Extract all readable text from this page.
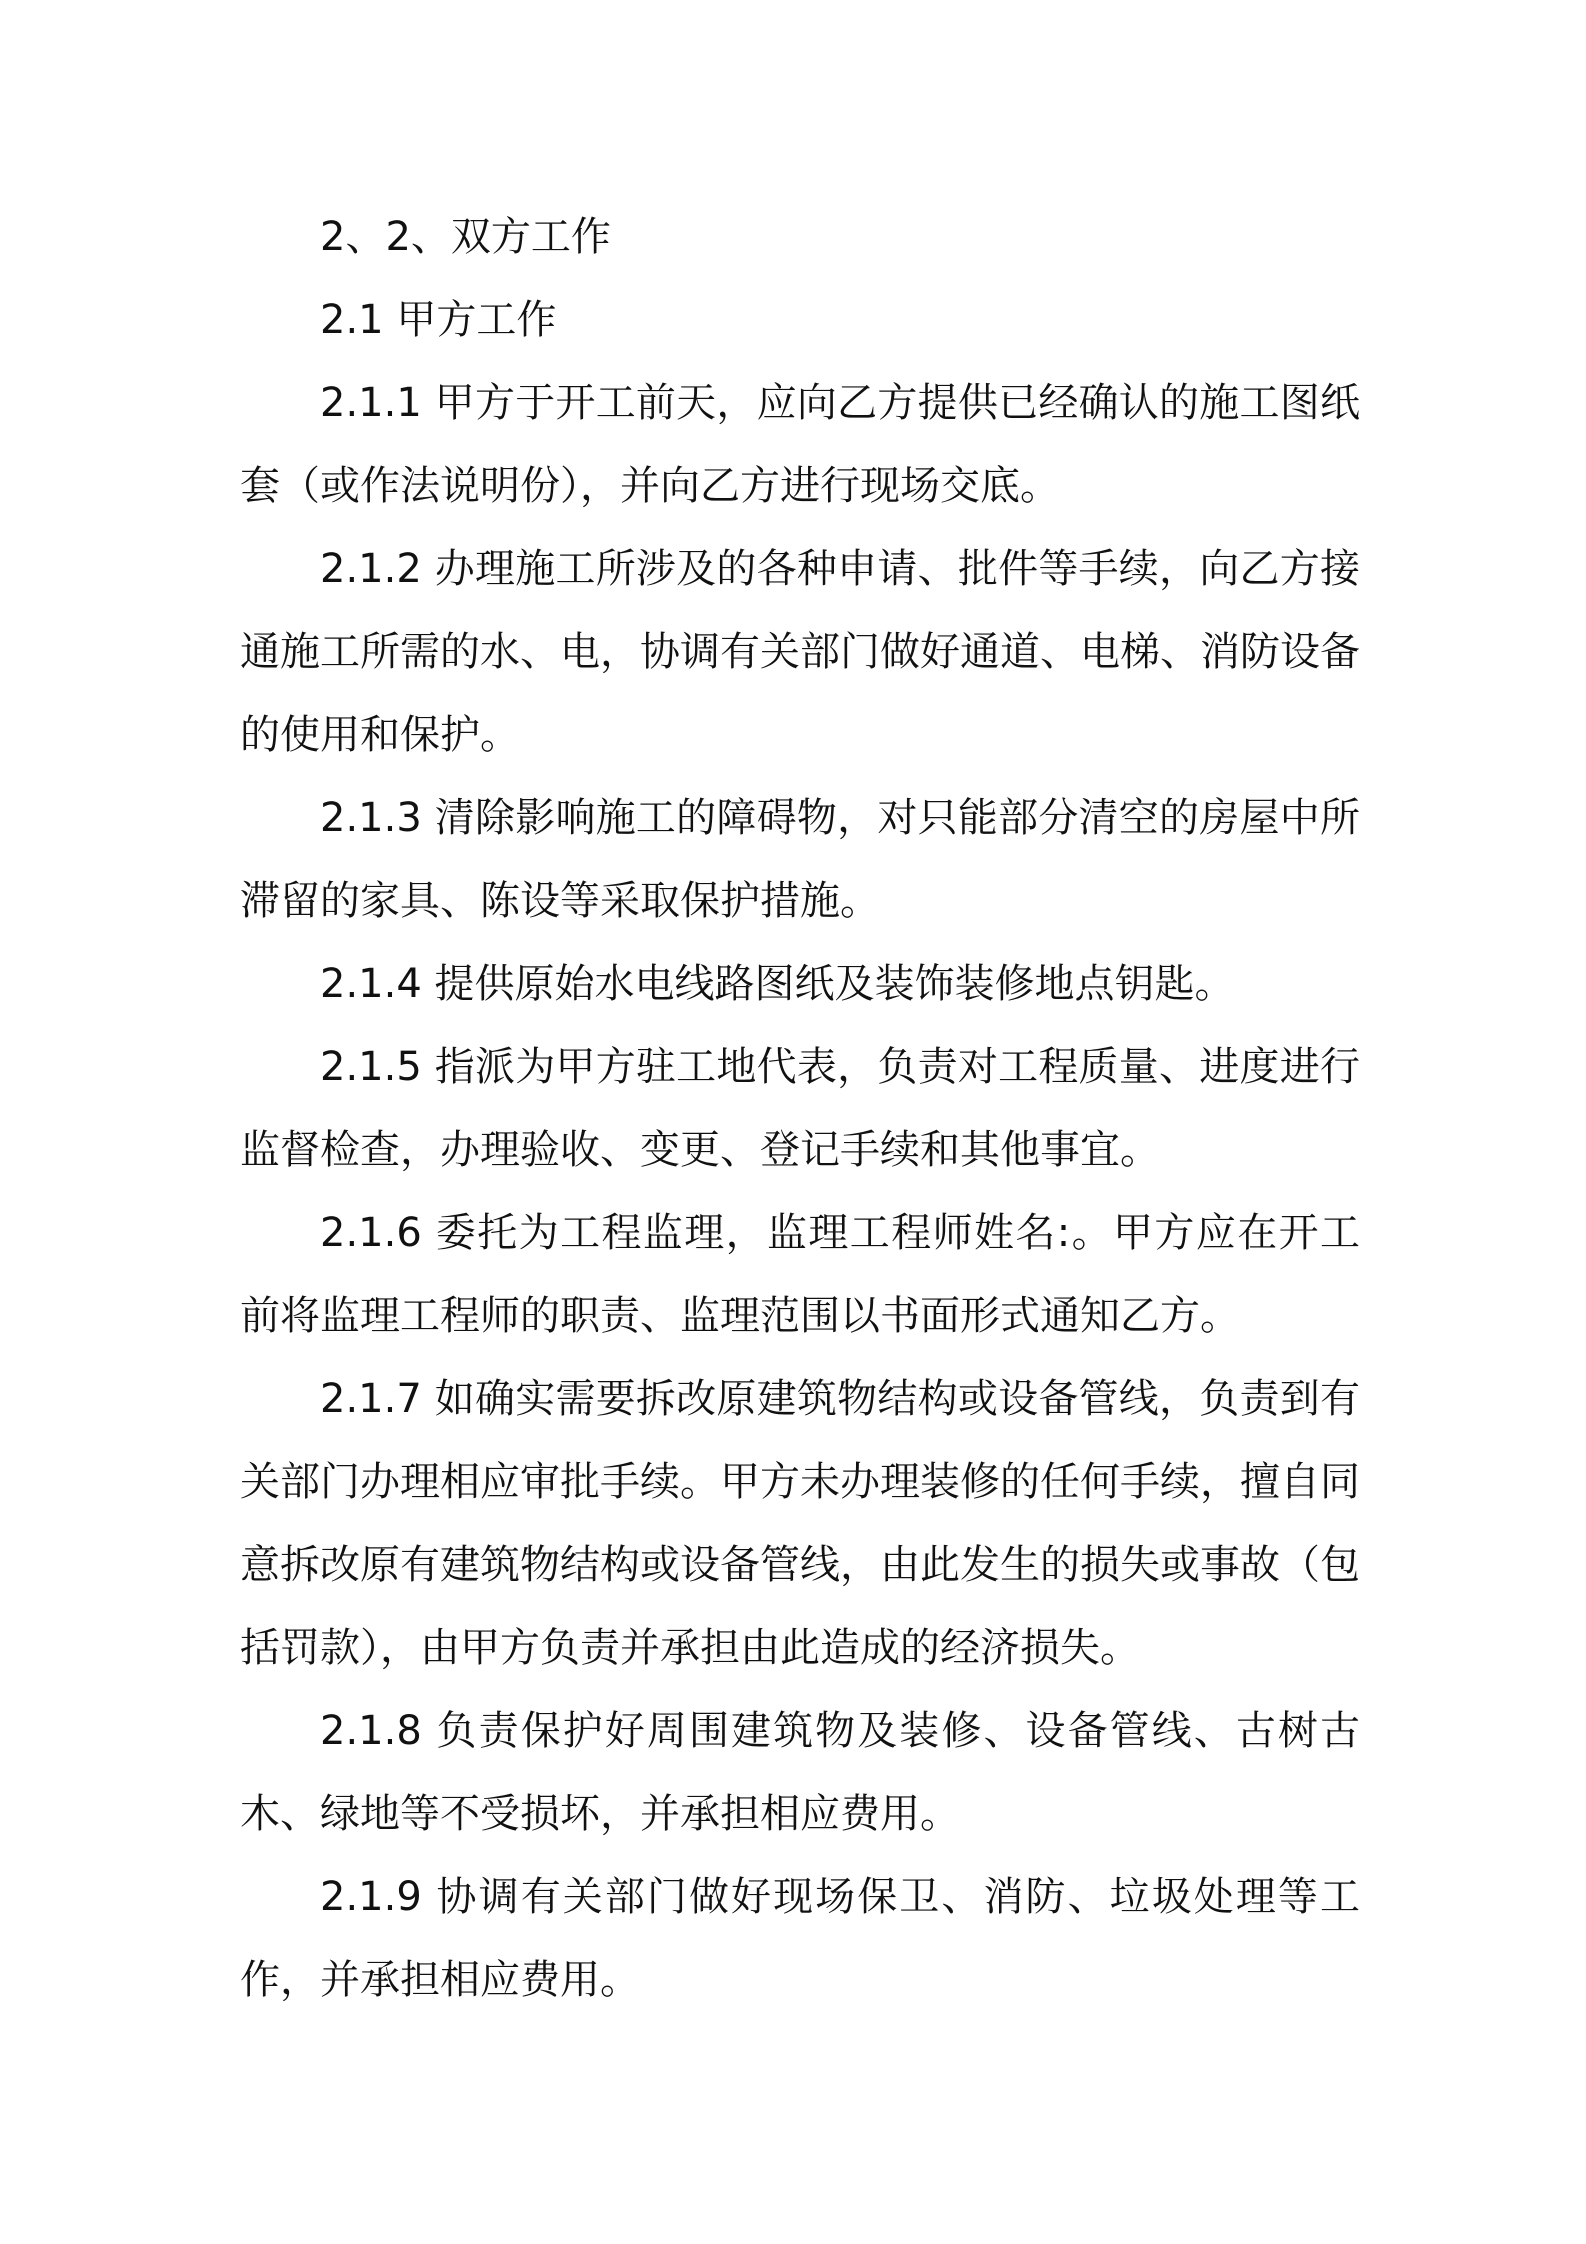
2、2、双方工作

2.1 甲方工作

2.1.1 甲方于开工前天，应向乙方提供已经确认的施工图纸套（或作法说明份），并向乙方进行现场交底。

2.1.2 办理施工所涉及的各种申请、批件等手续，向乙方接通施工所需的水、电，协调有关部门做好通道、电梯、消防设备的使用和保护。

2.1.3 清除影响施工的障碍物，对只能部分清空的房屋中所滞留的家具、陈设等采取保护措施。

2.1.4 提供原始水电线路图纸及装饰装修地点钥匙。

2.1.5 指派为甲方驻工地代表，负责对工程质量、进度进行监督检查，办理验收、变更、登记手续和其他事宜。

2.1.6 委托为工程监理，监理工程师姓名:。甲方应在开工前将监理工程师的职责、监理范围以书面形式通知乙方。

2.1.7 如确实需要拆改原建筑物结构或设备管线，负责到有关部门办理相应审批手续。甲方未办理装修的任何手续，擅自同意拆改原有建筑物结构或设备管线，由此发生的损失或事故（包括罚款），由甲方负责并承担由此造成的经济损失。

2.1.8 负责保护好周围建筑物及装修、设备管线、古树古木、绿地等不受损坏，并承担相应费用。

2.1.9 协调有关部门做好现场保卫、消防、垃圾处理等工作，并承担相应费用。
